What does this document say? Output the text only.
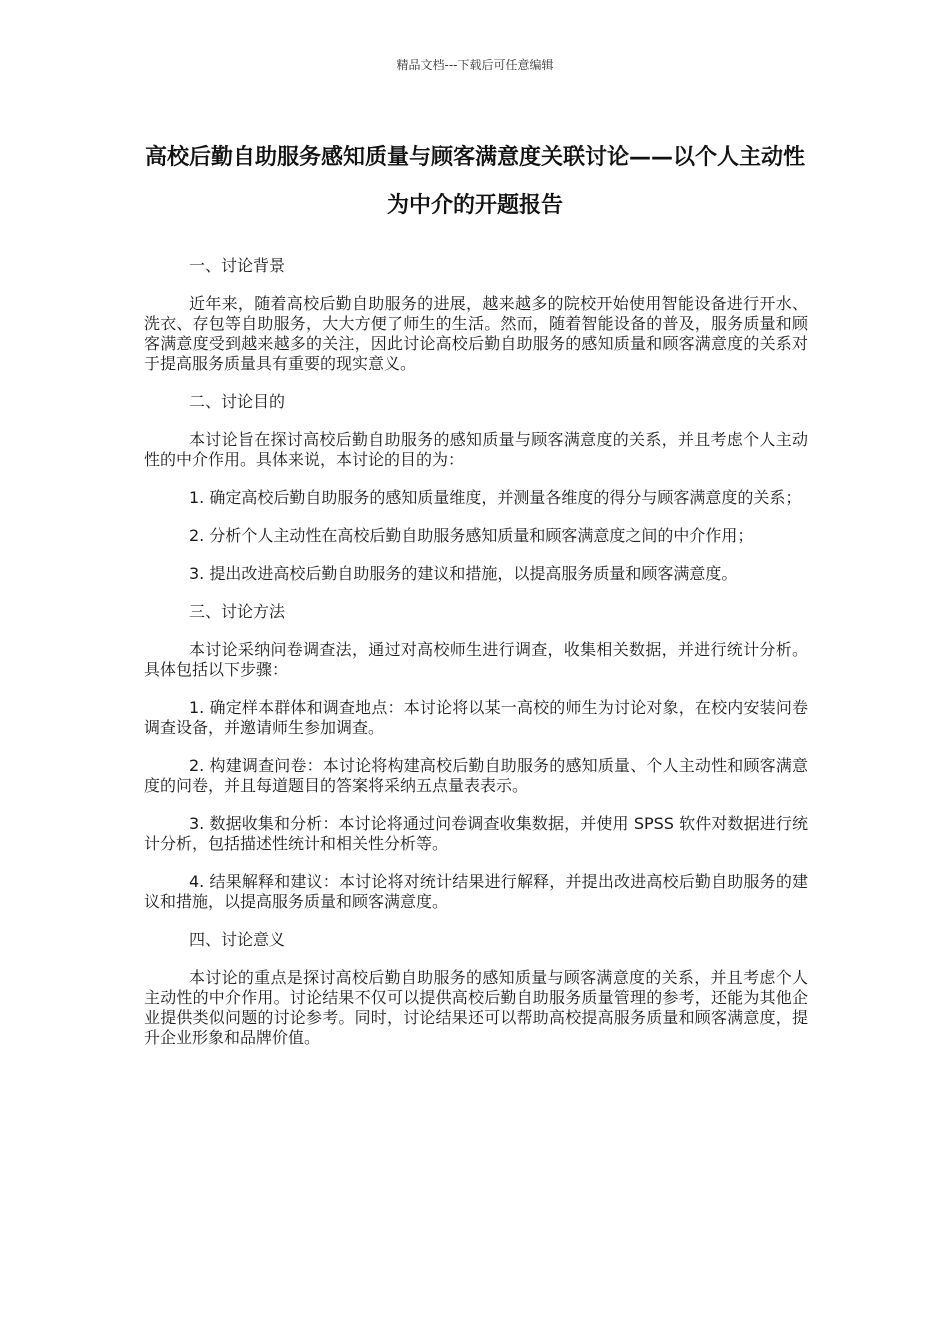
精品文档---下载后可任意编辑
高校后勤自助服务感知质量与顾客满意度关联讨论——以个人主动性为中介的开题报告

一、讨论背景

近年来，随着高校后勤自助服务的进展，越来越多的院校开始使用智能设备进行开水、洗衣、存包等自助服务，大大方便了师生的生活。然而，随着智能设备的普及，服务质量和顾客满意度受到越来越多的关注，因此讨论高校后勤自助服务的感知质量和顾客满意度的关系对于提高服务质量具有重要的现实意义。

二、讨论目的

本讨论旨在探讨高校后勤自助服务的感知质量与顾客满意度的关系，并且考虑个人主动性的中介作用。具体来说，本讨论的目的为：

1. 确定高校后勤自助服务的感知质量维度，并测量各维度的得分与顾客满意度的关系；

2. 分析个人主动性在高校后勤自助服务感知质量和顾客满意度之间的中介作用；

3. 提出改进高校后勤自助服务的建议和措施，以提高服务质量和顾客满意度。

三、讨论方法

本讨论采纳问卷调查法，通过对高校师生进行调查，收集相关数据，并进行统计分析。具体包括以下步骤：

1. 确定样本群体和调查地点：本讨论将以某一高校的师生为讨论对象，在校内安装问卷调查设备，并邀请师生参加调查。

2. 构建调查问卷：本讨论将构建高校后勤自助服务的感知质量、个人主动性和顾客满意度的问卷，并且每道题目的答案将采纳五点量表表示。

3. 数据收集和分析：本讨论将通过问卷调查收集数据，并使用 SPSS 软件对数据进行统计分析，包括描述性统计和相关性分析等。

4. 结果解释和建议：本讨论将对统计结果进行解释，并提出改进高校后勤自助服务的建议和措施，以提高服务质量和顾客满意度。

四、讨论意义

本讨论的重点是探讨高校后勤自助服务的感知质量与顾客满意度的关系，并且考虑个人主动性的中介作用。讨论结果不仅可以提供高校后勤自助服务质量管理的参考，还能为其他企业提供类似问题的讨论参考。同时，讨论结果还可以帮助高校提高服务质量和顾客满意度，提升企业形象和品牌价值。
